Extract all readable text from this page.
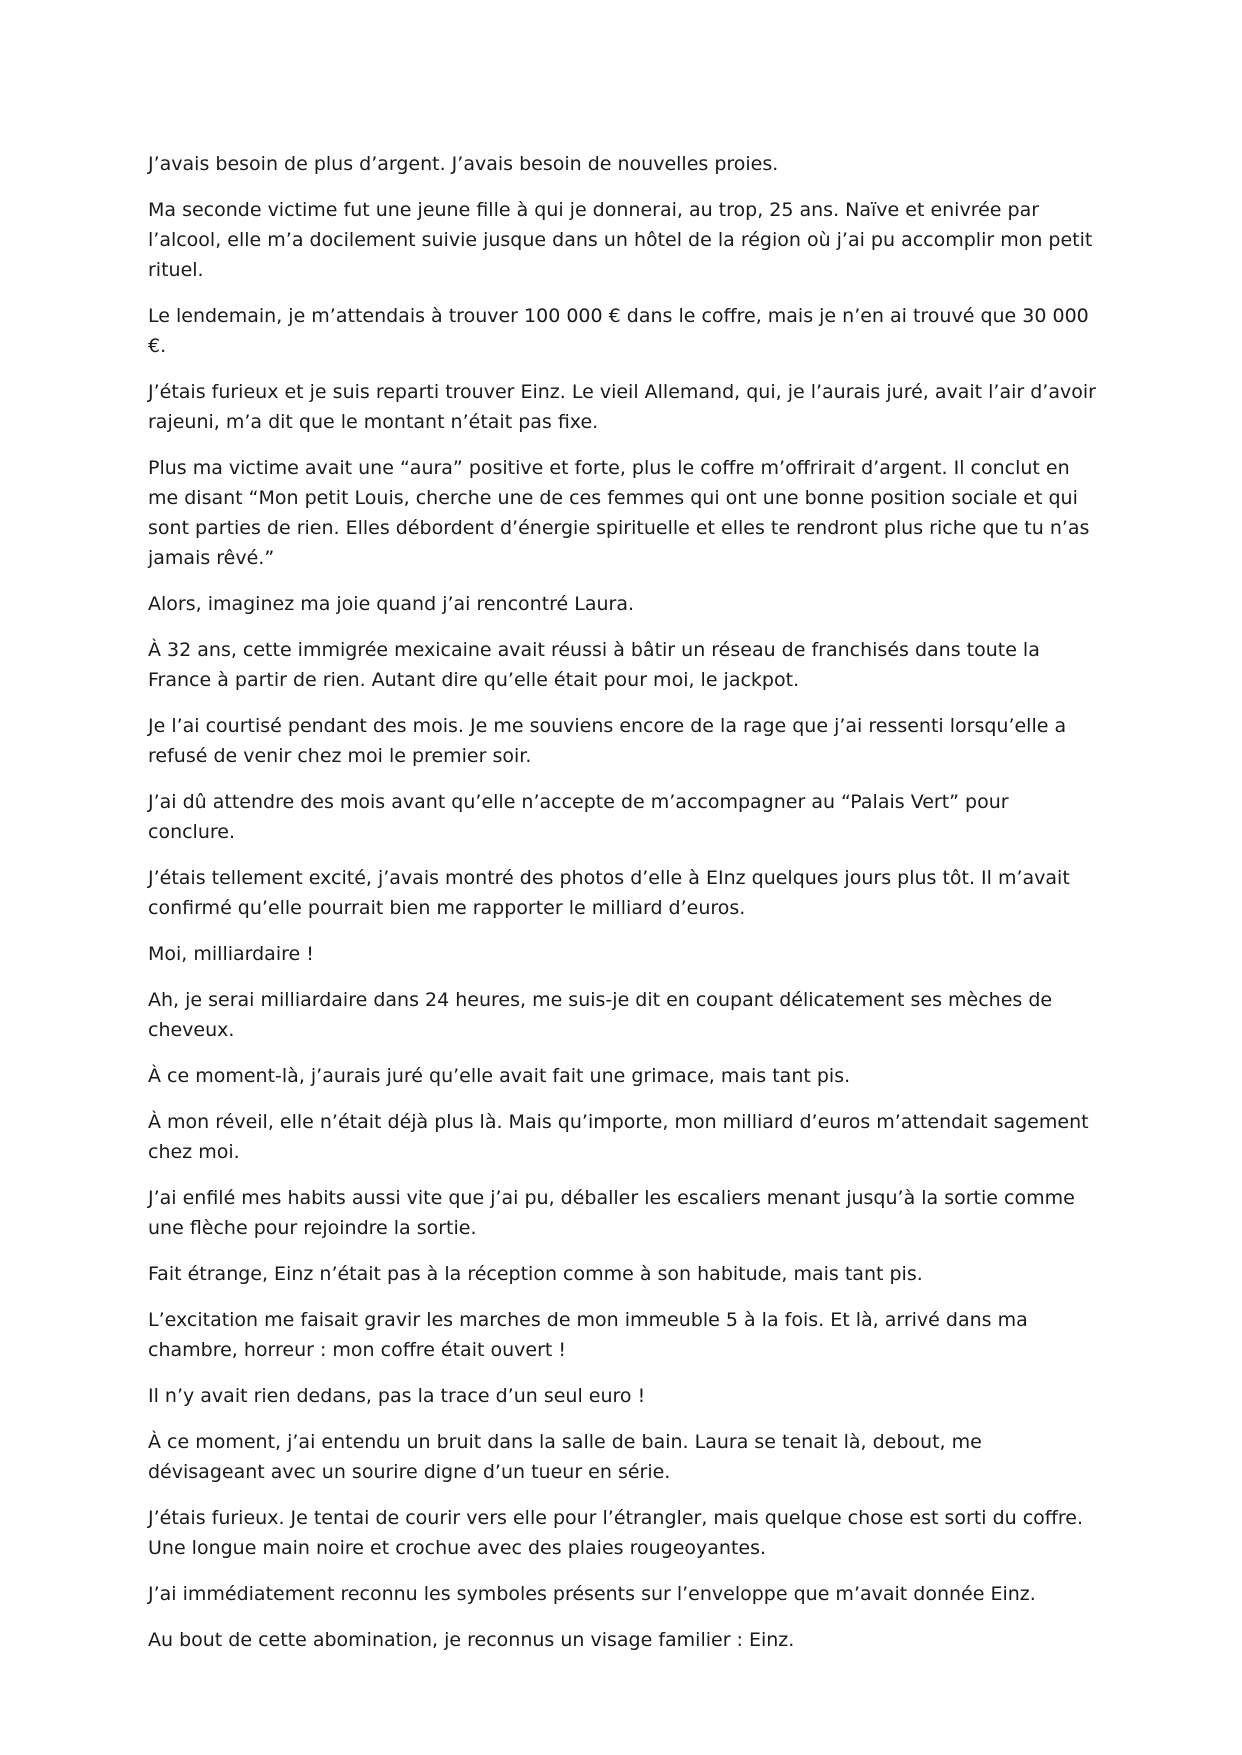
J’avais besoin de plus d’argent. J’avais besoin de nouvelles proies.

Ma seconde victime fut une jeune fille à qui je donnerai, au trop, 25 ans. Naïve et enivrée par l’alcool, elle m’a docilement suivie jusque dans un hôtel de la région où j’ai pu accomplir mon petit rituel.

Le lendemain, je m’attendais à trouver 100 000 € dans le coffre, mais je n’en ai trouvé que 30 000 €.

J’étais furieux et je suis reparti trouver Einz. Le vieil Allemand, qui, je l’aurais juré, avait l’air d’avoir rajeuni, m’a dit que le montant n’était pas fixe.

Plus ma victime avait une “aura” positive et forte, plus le coffre m’offrirait d’argent. Il conclut en me disant “Mon petit Louis, cherche une de ces femmes qui ont une bonne position sociale et qui sont parties de rien. Elles débordent d’énergie spirituelle et elles te rendront plus riche que tu n’as jamais rêvé.”

Alors, imaginez ma joie quand j’ai rencontré Laura.

À 32 ans, cette immigrée mexicaine avait réussi à bâtir un réseau de franchisés dans toute la France à partir de rien. Autant dire qu’elle était pour moi, le jackpot.

Je l’ai courtisé pendant des mois. Je me souviens encore de la rage que j’ai ressenti lorsqu’elle a refusé de venir chez moi le premier soir.

J’ai dû attendre des mois avant qu’elle n’accepte de m’accompagner au “Palais Vert” pour conclure.

J’étais tellement excité, j’avais montré des photos d’elle à EInz quelques jours plus tôt. Il m’avait confirmé qu’elle pourrait bien me rapporter le milliard d’euros.

Moi, milliardaire !

Ah, je serai milliardaire dans 24 heures, me suis-je dit en coupant délicatement ses mèches de cheveux.

À ce moment-là, j’aurais juré qu’elle avait fait une grimace, mais tant pis.

À mon réveil, elle n’était déjà plus là. Mais qu’importe, mon milliard d’euros m’attendait sagement chez moi.

J’ai enfilé mes habits aussi vite que j’ai pu, déballer les escaliers menant jusqu’à la sortie comme une flèche pour rejoindre la sortie.

Fait étrange, Einz n’était pas à la réception comme à son habitude, mais tant pis.

L’excitation me faisait gravir les marches de mon immeuble 5 à la fois. Et là, arrivé dans ma chambre, horreur : mon coffre était ouvert !

Il n’y avait rien dedans, pas la trace d’un seul euro !

À ce moment, j’ai entendu un bruit dans la salle de bain. Laura se tenait là, debout, me dévisageant avec un sourire digne d’un tueur en série.

J’étais furieux. Je tentai de courir vers elle pour l’étrangler, mais quelque chose est sorti du coffre. Une longue main noire et crochue avec des plaies rougeoyantes.

J’ai immédiatement reconnu les symboles présents sur l’enveloppe que m’avait donnée Einz.

Au bout de cette abomination, je reconnus un visage familier : Einz.
